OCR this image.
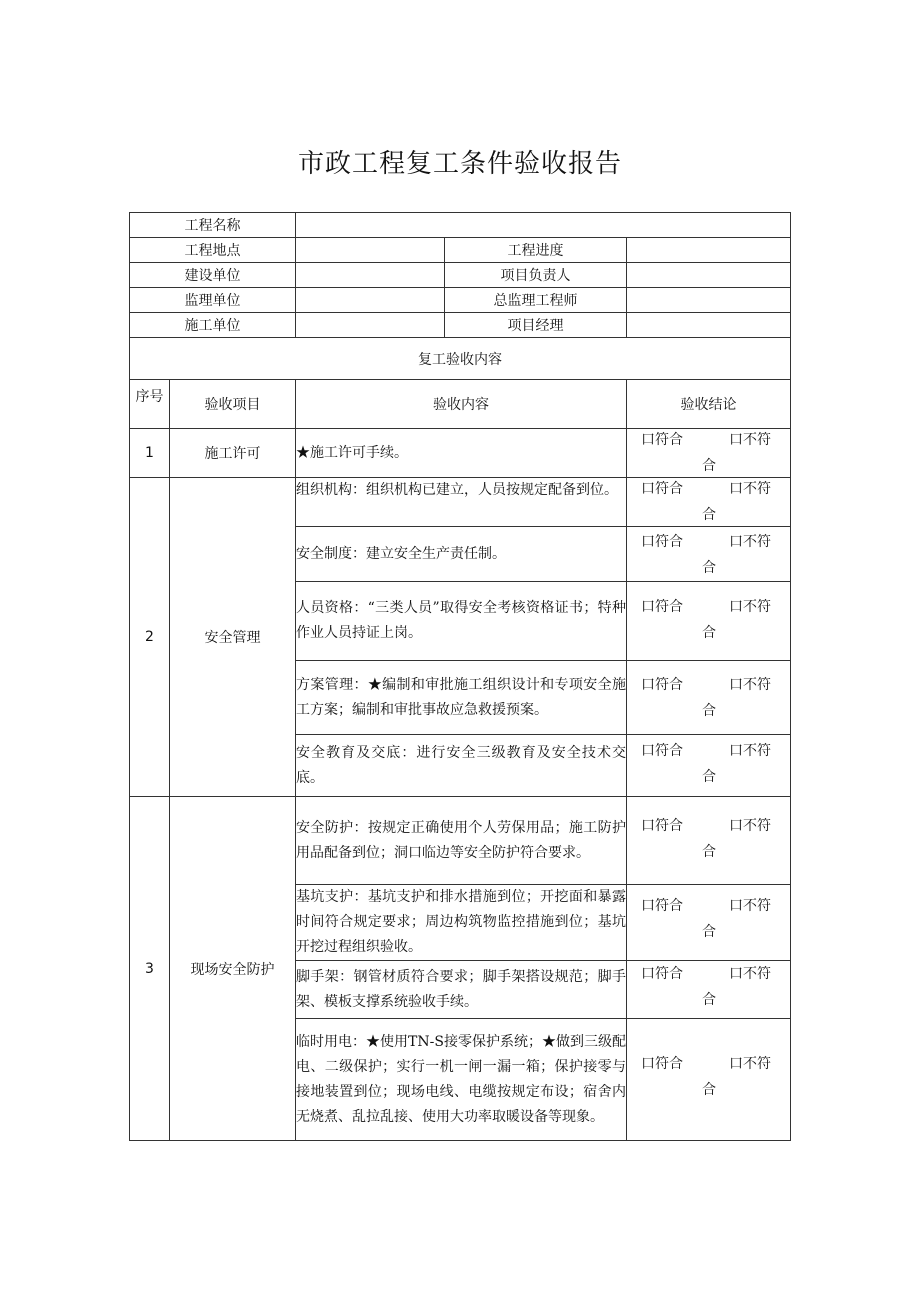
市政工程复工条件验收报告
工程名称				
工程地点			工程进度	
建设单位			项目负责人	
监理单位			总监理工程师	
施工单位			项目经理	
复工验收内容				
序号	验收项目	验收内容		验收结论
1	施工许可	★施工许可手续。		口符合 口不符
合

2	安全管理	组织机构：组织机构已建立，人员按规定配备到位。		口符合 口不符
合

		安全制度：建立安全生产责任制。		口符合 口不符
合

		人员资格：“三类人员”取得安全考核资格证书；特种作业人员持证上岗。		口符合 口不符
合

		方案管理：★编制和审批施工组织设计和专项安全施工方案；编制和审批事故应急救援预案。		口符合 口不符
合

		安全教育及交底：进行安全三级教育及安全技术交底。		口符合 口不符
合

3	现场安全防护	安全防护：按规定正确使用个人劳保用品；施工防护用品配备到位；洞口临边等安全防护符合要求。		口符合 口不符
合

		基坑支护：基坑支护和排水措施到位；开挖面和暴露时间符合规定要求；周边构筑物监控措施到位；基坑开挖过程组织验收。		口符合 口不符
合

		脚手架：钢管材质符合要求；脚手架搭设规范；脚手架、模板支撑系统验收手续。		口符合 口不符
合

		临时用电：★使用TN-S接零保护系统；★做到三级配电、二级保护；实行一机一闸一漏一箱；保护接零与接地装置到位；现场电线、电缆按规定布设；宿舍内无烧煮、乱拉乱接、使用大功率取暖设备等现象。		口符合 口不符
合
